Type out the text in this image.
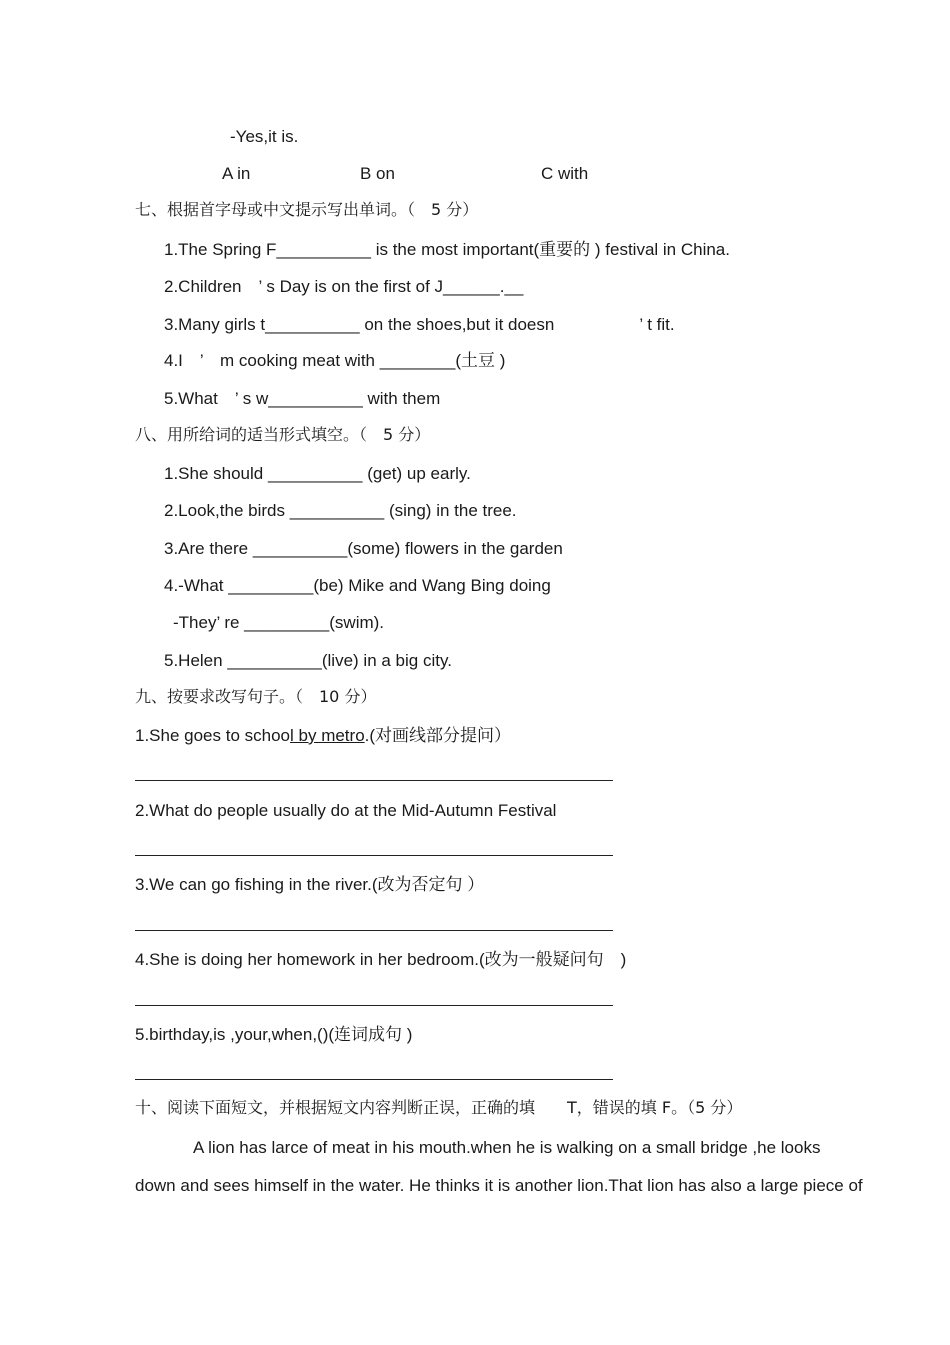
-Yes,it is.
A in	B on	C with
七、根据首字母或中文提示写出单词。（　5 分）
1.The Spring F__________ is the most important(重要的 ) festival in China.
2.Children　’ s Day is on the first of J______.__
3.Many girls t__________ on the shoes,but it doesn　　　　　’ t fit.
4.I　’　m cooking meat with ________(土豆 )
5.What　’ s w__________ with them
八、用所给词的适当形式填空。（　5 分）
1.She should __________ (get) up early.
2.Look,the birds __________ (sing) in the tree.
3.Are there __________(some) flowers in the garden
4.-What _________(be) Mike and Wang Bing doing
-They’ re _________(swim).
5.Helen __________(live) in a big city.
九、按要求改写句子。（　10 分）
1.She goes to school by metro.(对画线部分提问）
2.What do people usually do at the Mid-Autumn Festival
3.We can go fishing in the river.(改为否定句 ）
4.She is doing her homework in her bedroom.(改为一般疑问句　)
5.birthday,is ,your,when,()(连词成句 )
十、阅读下面短文，并根据短文内容判断正误，正确的填　　T，错误的填 F。（5 分）
A lion has larce of meat in his mouth.when he is walking on a small bridge ,he looks
down and sees himself in the water. He thinks it is another lion.That lion has also a large piece of
